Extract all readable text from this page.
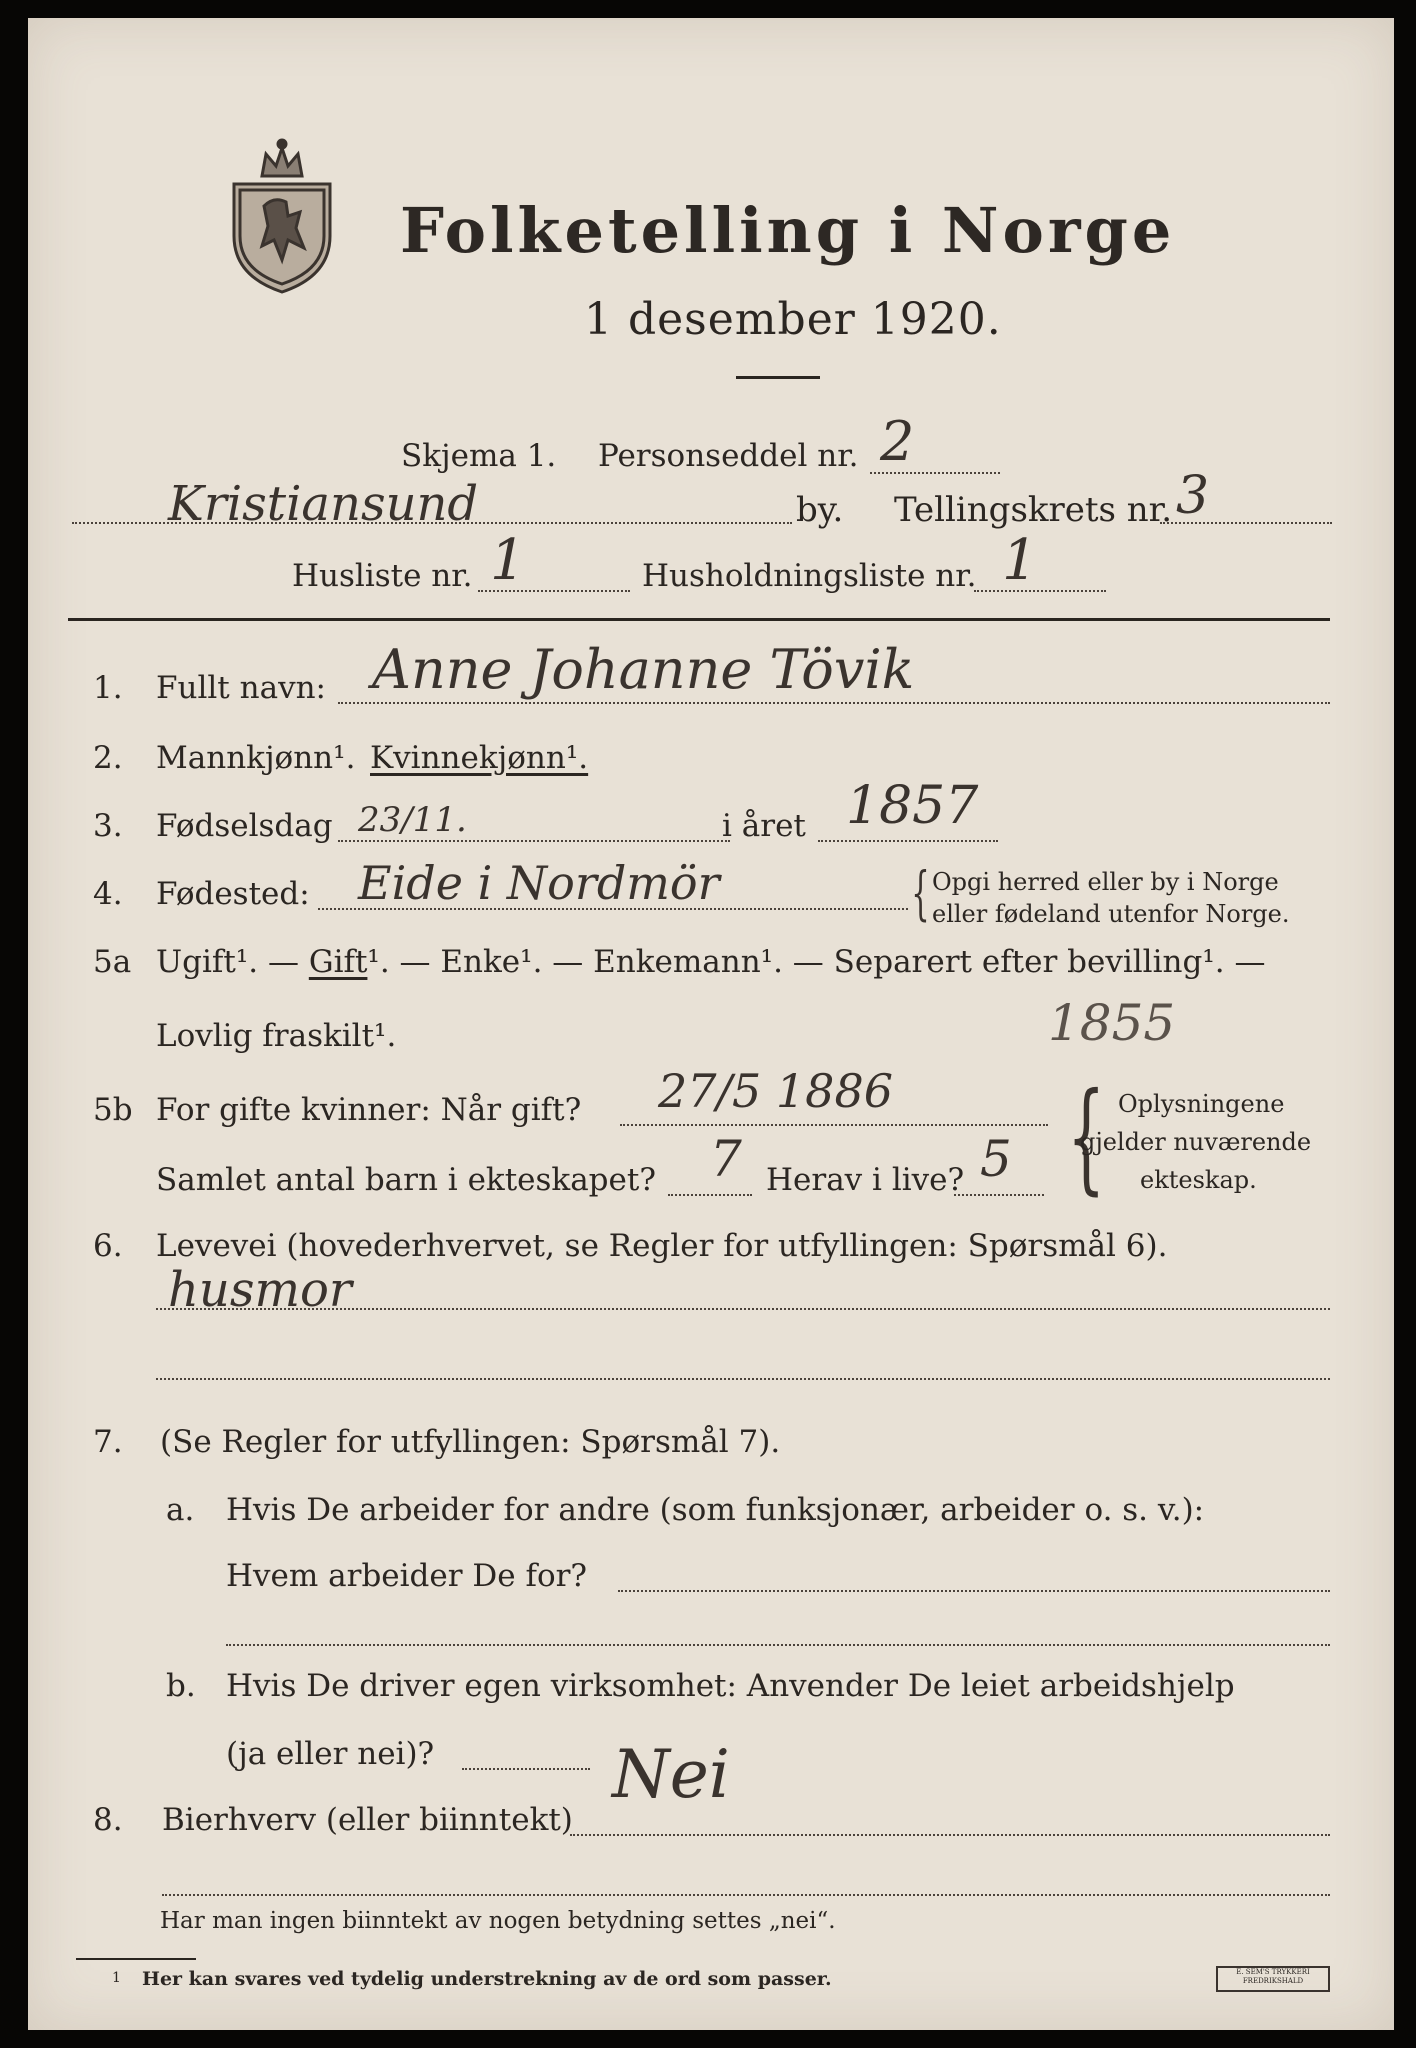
Folketelling i Norge
1 desember 1920.
Skjema 1. Personseddel nr. 2
Kristiansund	by. Tellingskrets nr. 3
Husliste nr. 1	Husholdningsliste nr. 1
1. Fullt navn: Anne Johanne Tövik
2. Mannkjønn¹. Kvinnekjønn¹.
3. Fødselsdag 23/11.	i året 1857
4. Fødested: Eide i Nordmör	{ Opgi herred eller by i Norge
eller fødeland utenfor Norge.
5a Ugift¹. — Gift¹. — Enke¹. — Enkemann¹. — Separert efter bevilling¹. —
Lovlig fraskilt¹.	1855
5b For gifte kvinner: Når gift? 27/5 1886
Samlet antal barn i ekteskapet? 7 Herav i live? 5 { Oplysningene
gjelder nuværende
ekteskap.
6. Levevei (hovederhvervet, se Regler for utfyllingen: Spørsmål 6).
husmor
7. (Se Regler for utfyllingen: Spørsmål 7).
a. Hvis De arbeider for andre (som funksjonær, arbeider o. s. v.):
Hvem arbeider De for?
b. Hvis De driver egen virksomhet: Anvender De leiet arbeidshjelp
(ja eller nei)?
8. Bierhverv (eller biinntekt)
Nei
Har man ingen biinntekt av nogen betydning settes „nei“.
1 Her kan svares ved tydelig understrekning av de ord som passer.	E. SEM'S TRYKKERI
FREDRIKSHALD
